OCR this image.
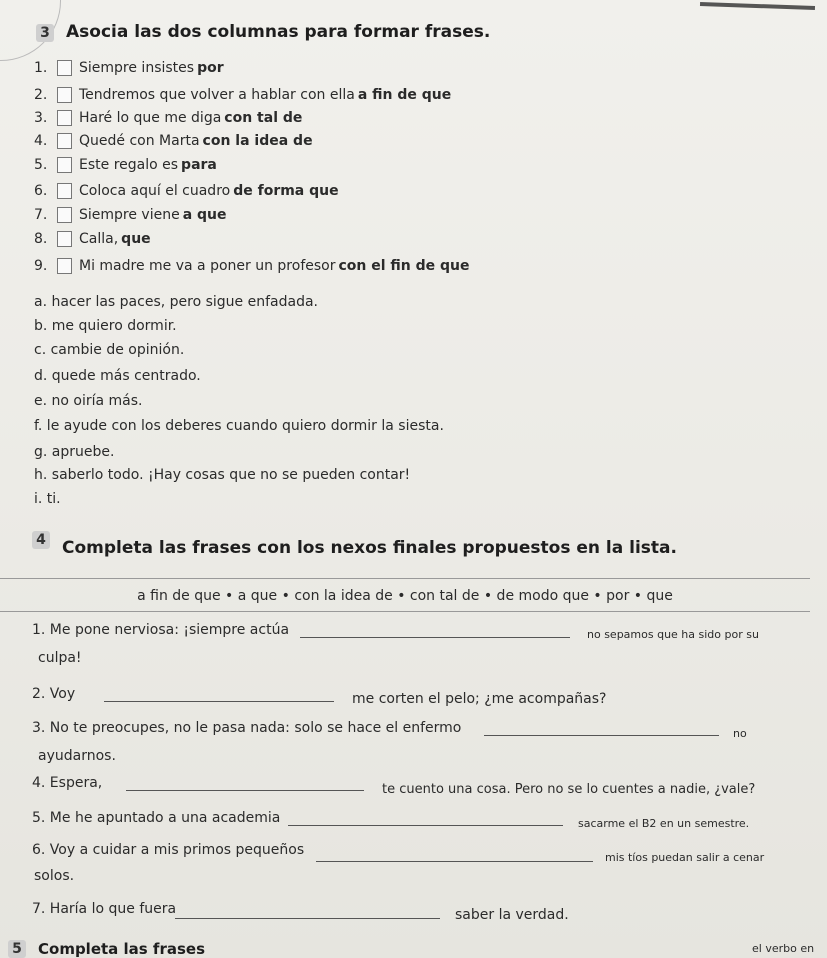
3 Asocia las dos columnas para formar frases.
1.	Siempre insistes por
2.	Tendremos que volver a hablar con ella a fin de que
3.	Haré lo que me diga con tal de
4.	Quedé con Marta con la idea de
5.	Este regalo es para
6.	Coloca aquí el cuadro de forma que
7.	Siempre viene a que
8.	Calla, que
9.	Mi madre me va a poner un profesor con el fin de que
a. hacer las paces, pero sigue enfadada.
b. me quiero dormir.
c. cambie de opinión.
d. quede más centrado.
e. no oiría más.
f. le ayude con los deberes cuando quiero dormir la siesta.
g. apruebe.
h. saberlo todo. ¡Hay cosas que no se pueden contar!
i. ti.
4 Completa las frases con los nexos finales propuestos en la lista.
a fin de que • a que • con la idea de • con tal de • de modo que • por • que
1. Me pone nerviosa: ¡siempre actúa	no sepamos que ha sido por su
culpa!
2. Voy	me corten el pelo; ¿me acompañas?
3. No te preocupes, no le pasa nada: solo se hace el enfermo	no
ayudarnos.
4. Espera,	te cuento una cosa. Pero no se lo cuentes a nadie, ¿vale?
5. Me he apuntado a una academia	sacarme el B2 en un semestre.
6. Voy a cuidar a mis primos pequeños	mis tíos puedan salir a cenar
solos.
7. Haría lo que fuera	saber la verdad.
5 Completa las frases	el verbo en
